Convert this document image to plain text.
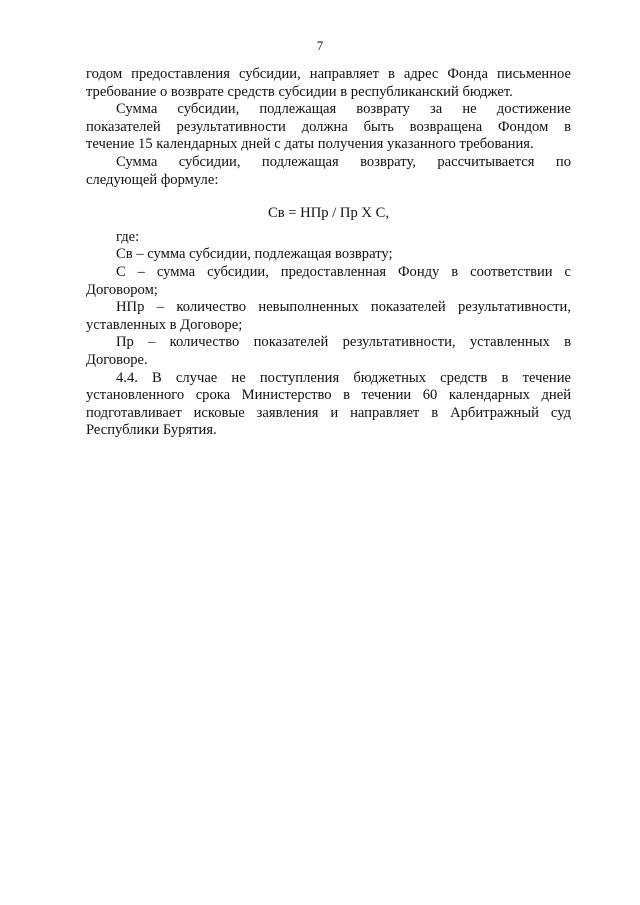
7
годом предоставления субсидии, направляет в адрес Фонда письменное
требование о возврате средств субсидии в республиканский бюджет.
Сумма субсидии, подлежащая возврату за не достижение
показателей результативности должна быть возвращена Фондом в
течение 15 календарных дней с даты получения указанного требования.
Сумма субсидии, подлежащая возврату, рассчитывается по
следующей формуле:
Св = НПр / Пр Х С,
где:
Св – сумма субсидии, подлежащая возврату;
С – сумма субсидии, предоставленная Фонду в соответствии с
Договором;
НПр – количество невыполненных показателей результативности,
уставленных в Договоре;
Пр – количество показателей результативности, уставленных в
Договоре.
4.4. В случае не поступления бюджетных средств в течение
установленного срока Министерство в течении 60 календарных дней
подготавливает исковые заявления и направляет в Арбитражный суд
Республики Бурятия.
